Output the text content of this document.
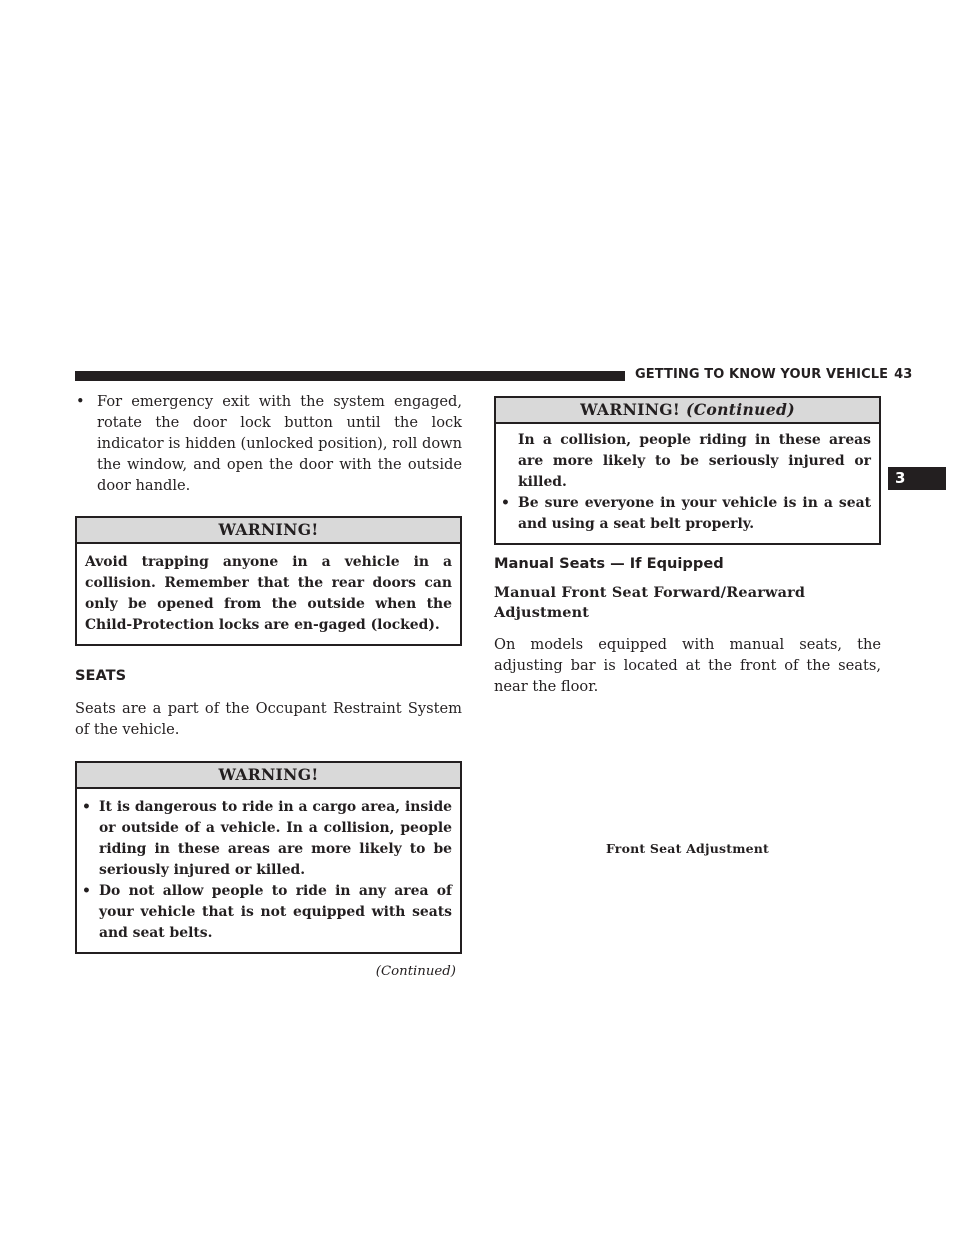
GETTING TO KNOW YOUR VEHICLE 43
3
• For emergency exit with the system engaged, rotate the door lock button until the lock indicator is hidden (unlocked position), roll down the window, and open the door with the outside door handle.
WARNING!

Avoid trapping anyone in a vehicle in a collision. Remember that the rear doors can only be opened from the outside when the Child-Protection locks are en-gaged (locked).

SEATS

Seats are a part of the Occupant Restraint System of the vehicle.

WARNING!
• It is dangerous to ride in a cargo area, inside or outside of a vehicle. In a collision, people riding in these areas are more likely to be seriously injured or killed.
• Do not allow people to ride in any area of your vehicle that is not equipped with seats and seat belts.
(Continued)
WARNING! (Continued)

In a collision, people riding in these areas are more likely to be seriously injured or killed.

• Be sure everyone in your vehicle is in a seat and using a seat belt properly.
Manual Seats — If Equipped

Manual Front Seat Forward/Rearward Adjustment

On models equipped with manual seats, the adjusting bar is located at the front of the seats, near the floor.

Front Seat Adjustment
